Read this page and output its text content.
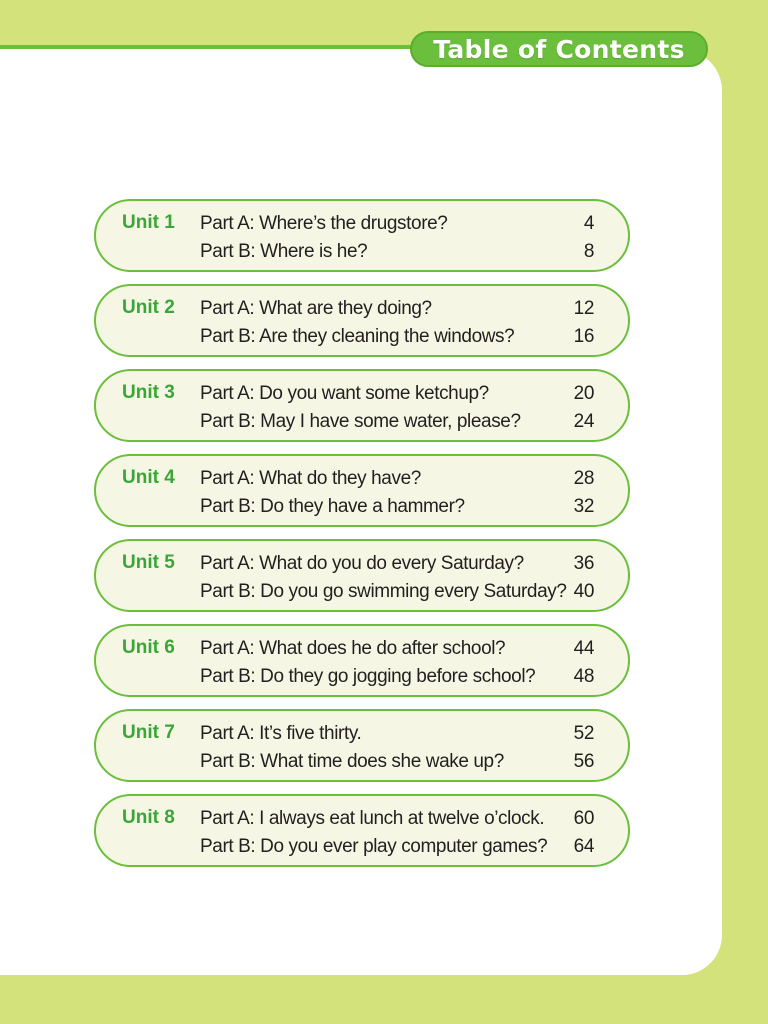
Table of Contents
Unit 1 Part A: Where’s the drugstore?	4
Part B: Where is he?	8
Unit 2 Part A: What are they doing?	12
Part B: Are they cleaning the windows?	16
Unit 3 Part A: Do you want some ketchup?	20
Part B: May I have some water, please?	24
Unit 4 Part A: What do they have?	28
Part B: Do they have a hammer?	32
Unit 5 Part A: What do you do every Saturday?	36
Part B: Do you go swimming every Saturday? 40
Unit 6 Part A: What does he do after school?	44
Part B: Do they go jogging before school? 48
Unit 7 Part A: It’s five thirty.	52
Part B: What time does she wake up?	56
Unit 8 Part A: I always eat lunch at twelve o’clock. 60
Part B: Do you ever play computer games? 64
